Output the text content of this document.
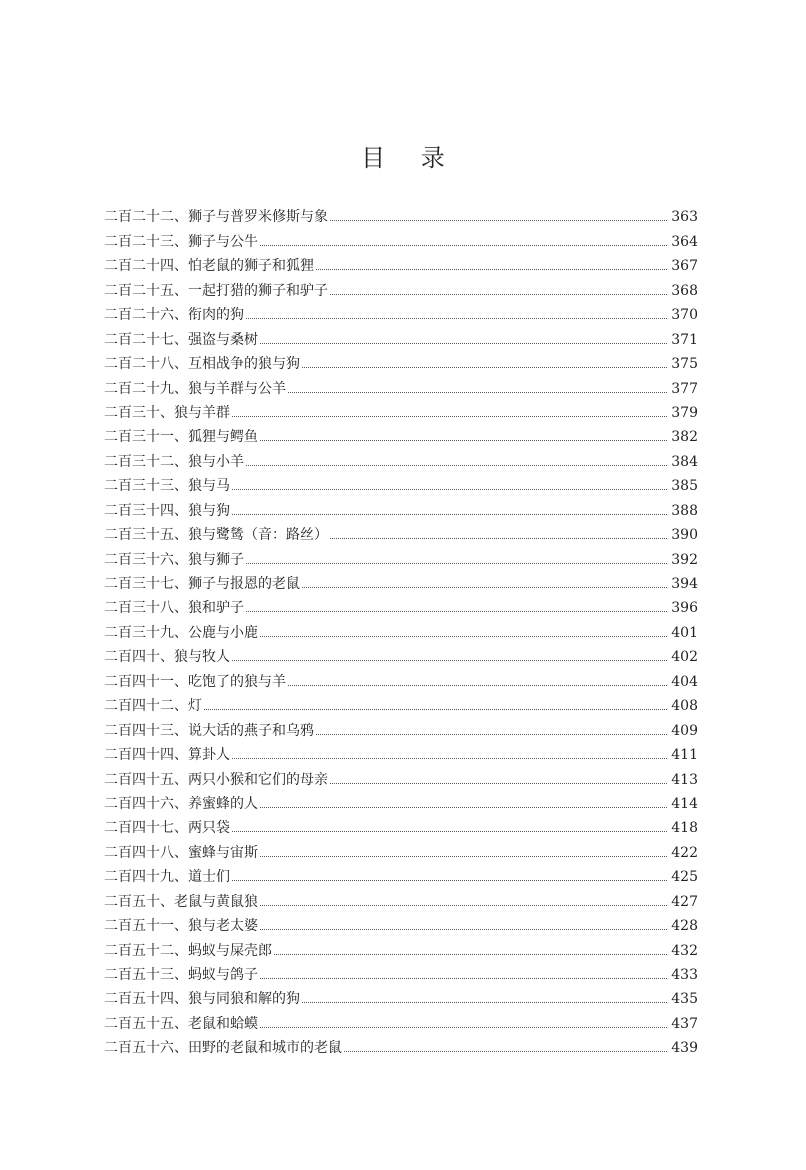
目 录
二百二十二、狮子与普罗米修斯与象	363
二百二十三、狮子与公牛	364
二百二十四、怕老鼠的狮子和狐狸	367
二百二十五、一起打猎的狮子和驴子	368
二百二十六、衔肉的狗	370
二百二十七、强盗与桑树	371
二百二十八、互相战争的狼与狗	375
二百二十九、狼与羊群与公羊	377
二百三十、狼与羊群	379
二百三十一、狐狸与鳄鱼	382
二百三十二、狼与小羊	384
二百三十三、狼与马	385
二百三十四、狼与狗	388
二百三十五、狼与鹭鸶（音：路丝）	390
二百三十六、狼与狮子	392
二百三十七、狮子与报恩的老鼠	394
二百三十八、狼和驴子	396
二百三十九、公鹿与小鹿	401
二百四十、狼与牧人	402
二百四十一、吃饱了的狼与羊	404
二百四十二、灯	408
二百四十三、说大话的燕子和乌鸦	409
二百四十四、算卦人	411
二百四十五、两只小猴和它们的母亲	413
二百四十六、养蜜蜂的人	414
二百四十七、两只袋	418
二百四十八、蜜蜂与宙斯	422
二百四十九、道士们	425
二百五十、老鼠与黄鼠狼	427
二百五十一、狼与老太婆	428
二百五十二、蚂蚁与屎壳郎	432
二百五十三、蚂蚁与鸽子	433
二百五十四、狼与同狼和解的狗	435
二百五十五、老鼠和蛤蟆	437
二百五十六、田野的老鼠和城市的老鼠	439
